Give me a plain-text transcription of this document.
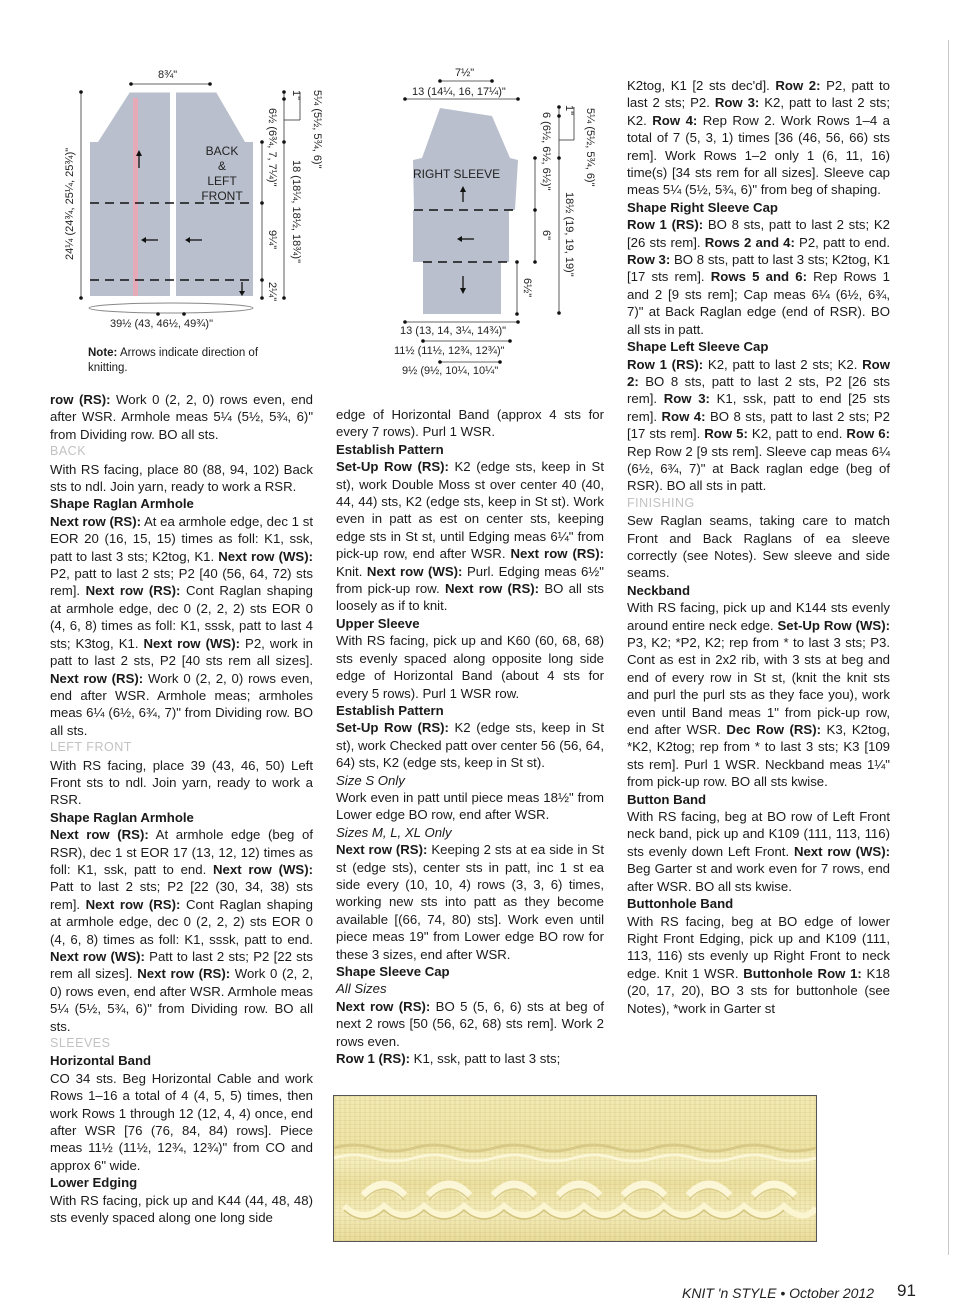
BACK
&
LEFT
FRONT
8¾"
39½ (43, 46½, 49¾)"
24¼ (24¾, 25¼, 25¾)"
1"
6½ (6¾, 7, 7¼)"
9¼"
2¼"
5¼ (5½, 5¾, 6)"
18 (18¼, 18½, 18¾)"
Note: Arrows indicate direction of knitting.
RIGHT SLEEVE
7½"
13 (14¼, 16, 17¼)"
6 (6½, 6½, 6½)"
1" 5¼ (5½, 5¾, 6)"
18½ (19, 19, 19)"
6"
6½"
13 (13, 14, 3¼, 14¾)"
11½ (11½, 12¾, 12¾)"
9½ (9½, 10¼, 10¼"

row (RS): Work 0 (2, 2, 0) rows even, end after WSR. Armhole meas 5¼ (5½, 5¾, 6)" from Dividing row. BO all sts.

BACK

With RS facing, place 80 (88, 94, 102) Back sts to ndl. Join yarn, ready to work a RSR.

Shape Raglan Armhole

Next row (RS): At ea armhole edge, dec 1 st EOR 20 (16, 15, 15) times as foll: K1, ssk, patt to last 3 sts; K2tog, K1. Next row (WS): P2, patt to last 2 sts; P2 [40 (56, 64, 72) sts rem]. Next row (RS): Cont Raglan shaping at armhole edge, dec 0 (2, 2, 2) sts EOR 0 (4, 6, 8) times as foll: K1, sssk, patt to last 4 sts; K3tog, K1. Next row (WS): P2, work in patt to last 2 sts, P2 [40 sts rem all sizes]. Next row (RS): Work 0 (2, 2, 0) rows even, end after WSR. Armhole meas; armholes meas 6¼ (6½, 6¾, 7)" from Dividing row. BO all sts.

LEFT FRONT

With RS facing, place 39 (43, 46, 50) Left Front sts to ndl. Join yarn, ready to work a RSR.

Shape Raglan Armhole

Next row (RS): At armhole edge (beg of RSR), dec 1 st EOR 17 (13, 12, 12) times as foll: K1, ssk, patt to end. Next row (WS): Patt to last 2 sts; P2 [22 (30, 34, 38) sts rem]. Next row (RS): Cont Raglan shaping at armhole edge, dec 0 (2, 2, 2) sts EOR 0 (4, 6, 8) times as foll: K1, sssk, patt to end. Next row (WS): Patt to last 2 sts; P2 [22 sts rem all sizes]. Next row (RS): Work 0 (2, 2, 0) rows even, end after WSR. Armhole meas 5¼ (5½, 5¾, 6)" from Dividing row. BO all sts.

SLEEVES

Horizontal Band

CO 34 sts. Beg Horizontal Cable and work Rows 1–16 a total of 4 (4, 5, 5) times, then work Rows 1 through 12 (12, 4, 4) once, end after WSR [76 (76, 84, 84) rows]. Piece meas 11½ (11½, 12¾, 12¾)" from CO and approx 6" wide.

Lower Edging

With RS facing, pick up and K44 (44, 48, 48) sts evenly spaced along one long side

edge of Horizontal Band (approx 4 sts for every 7 rows). Purl 1 WSR.

Establish Pattern

Set-Up Row (RS): K2 (edge sts, keep in St st), work Double Moss st over center 40 (40, 44, 44) sts, K2 (edge sts, keep in St st). Work even in patt as est on center sts, keeping edge sts in St st, until Edging meas 6¼" from pick-up row, end after WSR. Next row (RS): Knit. Next row (WS): Purl. Edging meas 6½" from pick-up row. Next row (RS): BO all sts loosely as if to knit.

Upper Sleeve

With RS facing, pick up and K60 (60, 68, 68) sts evenly spaced along opposite long side edge of Horizontal Band (about 4 sts for every 5 rows). Purl 1 WSR row.

Establish Pattern

Set-Up Row (RS): K2 (edge sts, keep in St st), work Checked patt over center 56 (56, 64, 64) sts, K2 (edge sts, keep in St st).

Size S Only

Work even in patt until piece meas 18½" from Lower edge BO row, end after WSR.

Sizes M, L, XL Only

Next row (RS): Keeping 2 sts at ea side in St st (edge sts), center sts in patt, inc 1 st ea side every (10, 10, 4) rows (3, 3, 6) times, working new sts into patt as they become available [(66, 74, 80) sts]. Work even until piece meas 19" from Lower edge BO row for these 3 sizes, end after WSR.

Shape Sleeve Cap

All Sizes

Next row (RS): BO 5 (5, 6, 6) sts at beg of next 2 rows [50 (56, 62, 68) sts rem]. Work 2 rows even.

Row 1 (RS): K1, ssk, patt to last 3 sts;

K2tog, K1 [2 sts dec'd]. Row 2: P2, patt to last 2 sts; P2. Row 3: K2, patt to last 2 sts; K2. Row 4: Rep Row 2. Work Rows 1–4 a total of 7 (5, 3, 1) times [36 (46, 56, 66) sts rem]. Work Rows 1–2 only 1 (6, 11, 16) time(s) [34 sts rem for all sizes]. Sleeve cap meas 5¼ (5½, 5¾, 6)" from beg of shaping.

Shape Right Sleeve Cap

Row 1 (RS): BO 8 sts, patt to last 2 sts; K2 [26 sts rem]. Rows 2 and 4: P2, patt to end. Row 3: BO 8 sts, patt to last 3 sts; K2tog, K1 [17 sts rem]. Rows 5 and 6: Rep Rows 1 and 2 [9 sts rem]; Cap meas 6¼ (6½, 6¾, 7)" at Back Raglan edge (end of RSR). BO all sts in patt.

Shape Left Sleeve Cap

Row 1 (RS): K2, patt to last 2 sts; K2. Row 2: BO 8 sts, patt to last 2 sts, P2 [26 sts rem]. Row 3: K1, ssk, patt to end [25 sts rem]. Row 4: BO 8 sts, patt to last 2 sts; P2 [17 sts rem]. Row 5: K2, patt to end. Row 6: Rep Row 2 [9 sts rem]. Sleeve cap meas 6¼ (6½, 6¾, 7)" at Back raglan edge (beg of RSR). BO all sts in patt.

FINISHING

Sew Raglan seams, taking care to match Front and Back Raglans of ea sleeve correctly (see Notes). Sew sleeve and side seams.

Neckband

With RS facing, pick up and K144 sts evenly around entire neck edge. Set-Up Row (WS): P3, K2; *P2, K2; rep from * to last 3 sts; P3. Cont as est in 2x2 rib, with 3 sts at beg and end of every row in St st, (knit the knit sts and purl the purl sts as they face you), work even until Band meas 1" from pick-up row, end after WSR. Dec Row (RS): K3, K2tog, *K2, K2tog; rep from * to last 3 sts; K3 [109 sts rem]. Purl 1 WSR. Neckband meas 1¼" from pick-up row. BO all sts kwise.

Button Band

With RS facing, beg at BO row of Left Front neck band, pick up and K109 (111, 113, 116) sts evenly down Left Front. Next row (WS): Beg Garter st and work even for 7 rows, end after WSR. BO all sts kwise.

Buttonhole Band

With RS facing, beg at BO edge of lower Right Front Edging, pick up and K109 (111, 113, 116) sts evenly up Right Front to neck edge. Knit 1 WSR. Buttonhole Row 1: K18 (20, 17, 20), BO 3 sts for buttonhole (see Notes), *work in Garter st

KNIT 'n STYLE • October 2012 91
